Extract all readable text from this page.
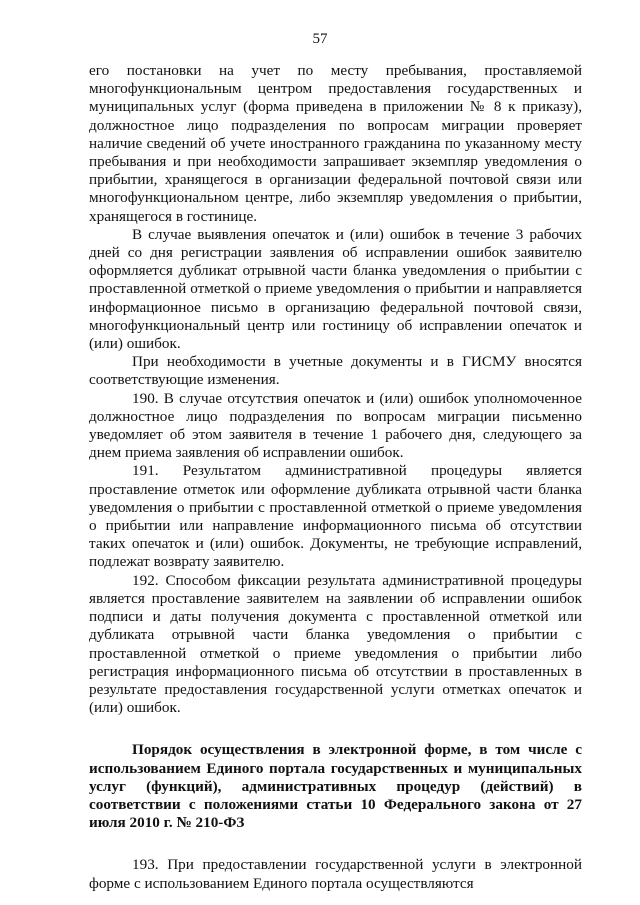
57

его постановки на учет по месту пребывания, проставляемой многофункциональным центром предоставления государственных и муниципальных услуг (форма приведена в приложении № 8 к приказу), должностное лицо подразделения по вопросам миграции проверяет наличие сведений об учете иностранного гражданина по указанному месту пребывания и при необходимости запрашивает экземпляр уведомления о прибытии, хранящегося в организации федеральной почтовой связи или многофункциональном центре, либо экземпляр уведомления о прибытии, хранящегося в гостинице.

В случае выявления опечаток и (или) ошибок в течение 3 рабочих дней со дня регистрации заявления об исправлении ошибок заявителю оформляется дубликат отрывной части бланка уведомления о прибытии с проставленной отметкой о приеме уведомления о прибытии и направляется информационное письмо в организацию федеральной почтовой связи, многофункциональный центр или гостиницу об исправлении опечаток и (или) ошибок.

При необходимости в учетные документы и в ГИСМУ вносятся соответствующие изменения.

190. В случае отсутствия опечаток и (или) ошибок уполномоченное должностное лицо подразделения по вопросам миграции письменно уведомляет об этом заявителя в течение 1 рабочего дня, следующего за днем приема заявления об исправлении ошибок.

191. Результатом административной процедуры является проставление отметок или оформление дубликата отрывной части бланка уведомления о прибытии с проставленной отметкой о приеме уведомления о прибытии или направление информационного письма об отсутствии таких опечаток и (или) ошибок. Документы, не требующие исправлений, подлежат возврату заявителю.

192. Способом фиксации результата административной процедуры является проставление заявителем на заявлении об исправлении ошибок подписи и даты получения документа с проставленной отметкой или дубликата отрывной части бланка уведомления о прибытии с проставленной отметкой о приеме уведомления о прибытии либо регистрация информационного письма об отсутствии в проставленных в результате предоставления государственной услуги отметках опечаток и (или) ошибок.

Порядок осуществления в электронной форме, в том числе с использованием Единого портала государственных и муниципальных услуг (функций), административных процедур (действий) в соответствии с положениями статьи 10 Федерального закона от 27 июля 2010 г. № 210-ФЗ

193. При предоставлении государственной услуги в электронной форме с использованием Единого портала осуществляются
